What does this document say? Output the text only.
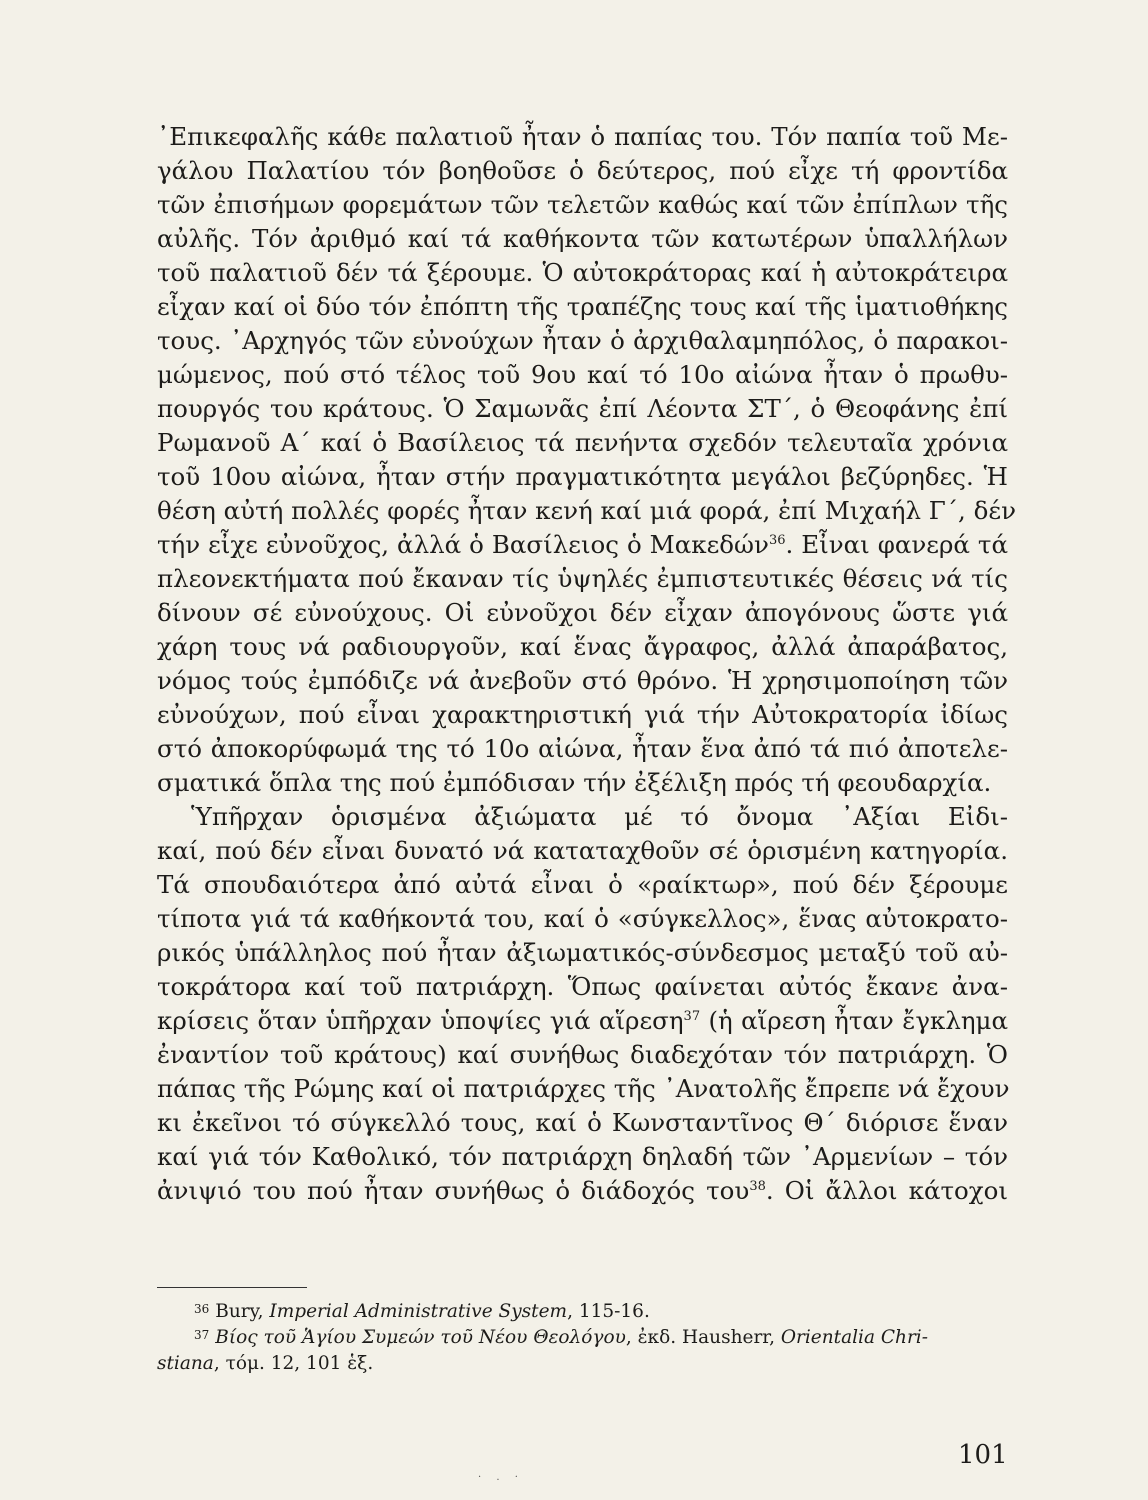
᾿Επικεφαλῆς κάθε παλατιοῦ ἦταν ὁ παπίας του. Τόν παπία τοῦ Με-
γάλου Παλατίου τόν βοηθοῦσε ὁ δεύτερος, πού εἶχε τή φροντίδα
τῶν ἐπισήμων φορεμάτων τῶν τελετῶν καθώς καί τῶν ἐπίπλων τῆς
αὐλῆς. Τόν ἀριθμό καί τά καθήκοντα τῶν κατωτέρων ὑπαλλήλων
τοῦ παλατιοῦ δέν τά ξέρουμε. Ὁ αὐτοκράτορας καί ἡ αὐτοκράτειρα
εἶχαν καί οἱ δύο τόν ἐπόπτη τῆς τραπέζης τους καί τῆς ἱματιοθήκης
τους. ᾿Αρχηγός τῶν εὐνούχων ἦταν ὁ ἀρχιθαλαμηπόλος, ὁ παρακοι-
μώμενος, πού στό τέλος τοῦ 9ου καί τό 10ο αἰώνα ἦταν ὁ πρωθυ-
πουργός του κράτους. Ὁ Σαμωνᾶς ἐπί Λέοντα ΣΤ΄, ὁ Θεοφάνης ἐπί
Ρωμανοῦ Α΄ καί ὁ Βασίλειος τά πενήντα σχεδόν τελευταῖα χρόνια
τοῦ 10ου αἰώνα, ἦταν στήν πραγματικότητα μεγάλοι βεζύρηδες. Ἡ
θέση αὐτή πολλές φορές ἦταν κενή καί μιά φορά, ἐπί Μιχαήλ Γ΄, δέν
τήν εἶχε εὐνοῦχος, ἀλλά ὁ Βασίλειος ὁ Μακεδών$^{36}$. Εἶναι φανερά τά
πλεονεκτήματα πού ἔκαναν τίς ὑψηλές ἐμπιστευτικές θέσεις νά τίς
δίνουν σέ εὐνούχους. Οἱ εὐνοῦχοι δέν εἶχαν ἀπογόνους ὥστε γιά
χάρη τους νά ραδιουργοῦν, καί ἕνας ἄγραφος, ἀλλά ἀπαράβατος,
νόμος τούς ἐμπόδιζε νά ἀνεβοῦν στό θρόνο. Ἡ χρησιμοποίηση τῶν
εὐνούχων, πού εἶναι χαρακτηριστική γιά τήν Αὐτοκρατορία ἰδίως
στό ἀποκορύφωμά της τό 10ο αἰώνα, ἦταν ἕνα ἀπό τά πιό ἀποτελε-
σματικά ὅπλα της πού ἐμπόδισαν τήν ἐξέλιξη πρός τή φεουδαρχία.
Ὑπῆρχαν ὁρισμένα ἀξιώματα μέ τό ὄνομα ᾿Αξίαι Εἰδι-
καί, πού δέν εἶναι δυνατό νά καταταχθοῦν σέ ὁρισμένη κατηγορία.
Τά σπουδαιότερα ἀπό αὐτά εἶναι ὁ «ραίκτωρ», πού δέν ξέρουμε
τίποτα γιά τά καθήκοντά του, καί ὁ «σύγκελλος», ἕνας αὐτοκρατο-
ρικός ὑπάλληλος πού ἦταν ἀξιωματικός-σύνδεσμος μεταξύ τοῦ αὐ-
τοκράτορα καί τοῦ πατριάρχη. Ὅπως φαίνεται αὐτός ἔκανε ἀνα-
κρίσεις ὅταν ὑπῆρχαν ὑποψίες γιά αἵρεση$^{37}$ (ἡ αἵρεση ἦταν ἔγκλημα
ἐναντίον τοῦ κράτους) καί συνήθως διαδεχόταν τόν πατριάρχη. Ὁ
πάπας τῆς Ρώμης καί οἱ πατριάρχες τῆς ᾿Ανατολῆς ἔπρεπε νά ἔχουν
κι ἐκεῖνοι τό σύγκελλό τους, καί ὁ Κωνσταντῖνος Θ΄ διόρισε ἕναν
καί γιά τόν Καθολικό, τόν πατριάρχη δηλαδή τῶν ᾿Αρμενίων – τόν
ἀνιψιό του πού ἦταν συνήθως ὁ διάδοχός του$^{38}$. Οἱ ἄλλοι κάτοχοι
$^{36}$ Bury, Imperial Administrative System, 115-16.
$^{37}$ Βίος τοῦ Ἁγίου Συμεών τοῦ Νέου Θεολόγου, ἐκδ. Hausherr, Orientalia Chri-
stiana, τόμ. 12, 101 ἑξ.
101
· . ·
